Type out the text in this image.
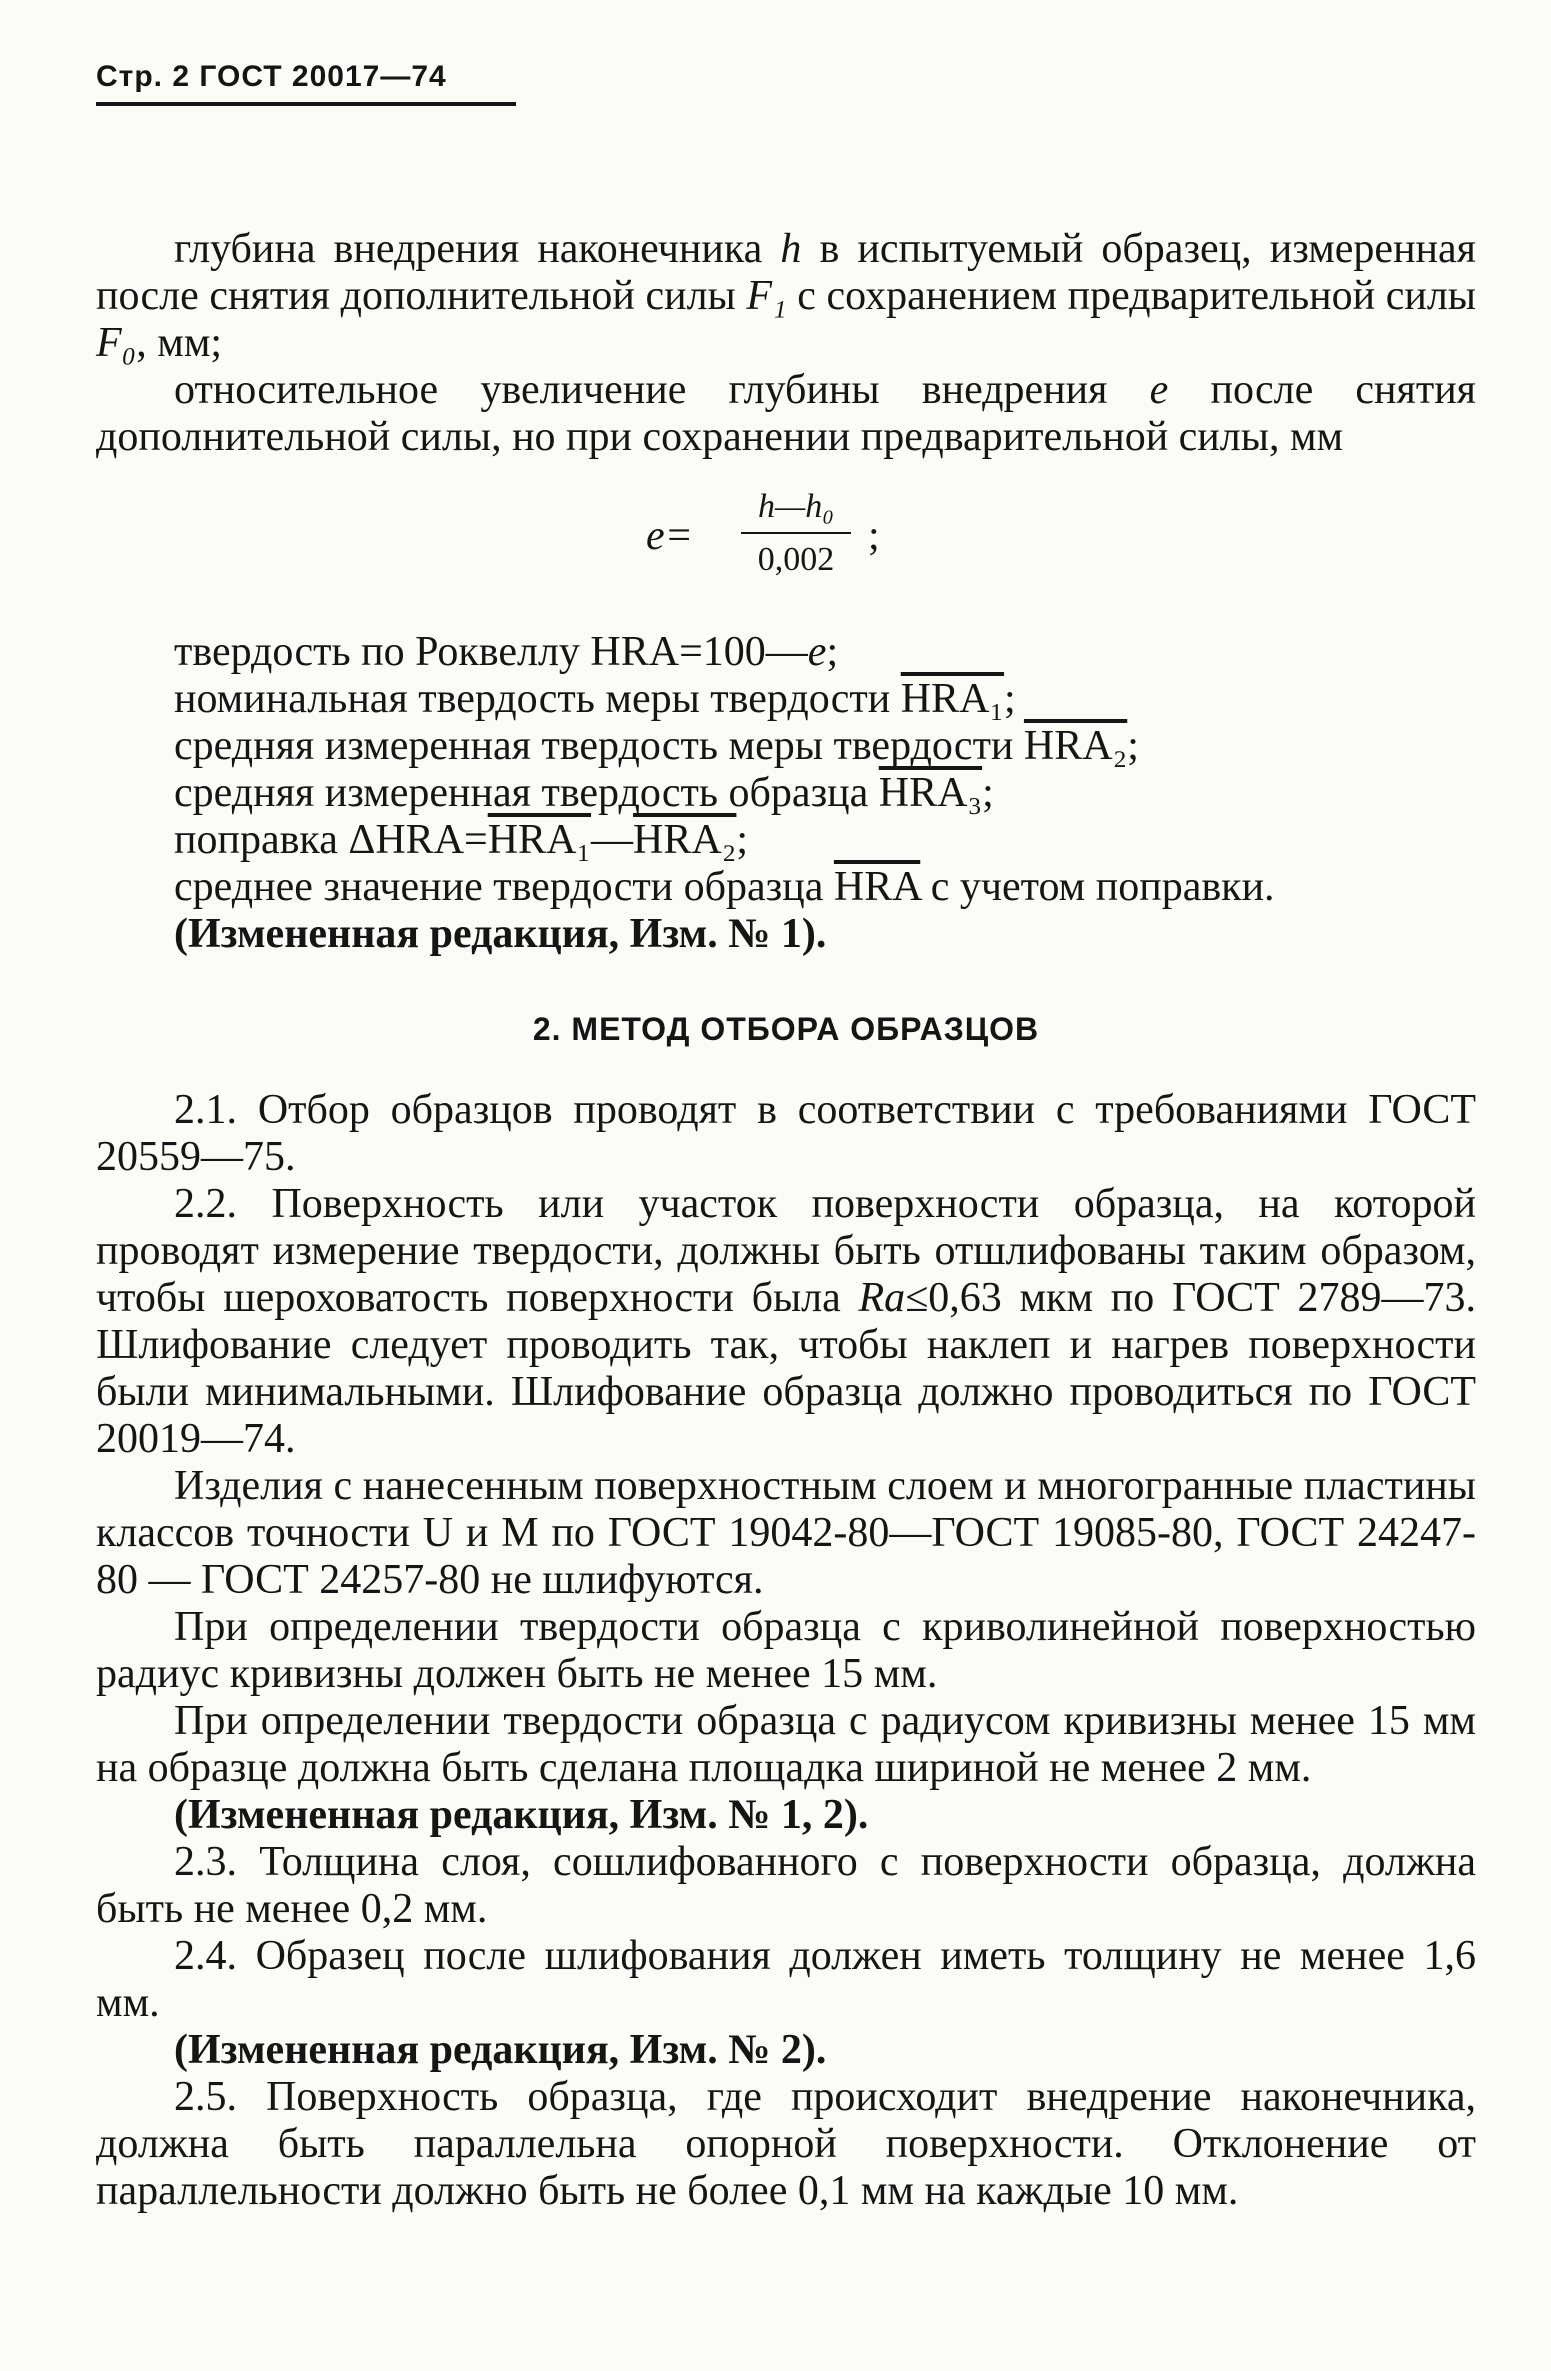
Стр. 2 ГОСТ 20017—74

глубина внедрения наконечника h в испытуемый образец, измеренная после снятия дополнительной силы F₁ с сохранением предварительной силы F₀, мм;

относительное увеличение глубины внедрения е после снятия дополнительной силы, но при сохранении предварительной силы, мм

$e= \frac{\text{h—h₀}}{0,002}$ ;

твердость по Роквеллу HRA=100—e;

номинальная твердость меры твердости HRA₁;

средняя измеренная твердость меры твердости HRA₂;

средняя измеренная твердость образца HRA₃;

поправка ΔHRA=HRA₁—HRA₂;

среднее значение твердости образца $\overline{HRA}$ с учетом поправки.

(Измененная редакция, Изм. № 1).

2. МЕТОД ОТБОРА ОБРАЗЦОВ

2.1. Отбор образцов проводят в соответствии с требованиями ГОСТ 20559—75.

2.2. Поверхность или участок поверхности образца, на которой проводят измерение твердости, должны быть отшлифованы таким образом, чтобы шероховатость поверхности была Ra≤0,63 мкм по ГОСТ 2789—73. Шлифование следует проводить так, чтобы наклеп и нагрев поверхности были минимальными. Шлифование образца должно проводиться по ГОСТ 20019—74.

Изделия с нанесенным поверхностным слоем и многогранные пластины классов точности U и M по ГОСТ 19042-80—ГОСТ 19085-80, ГОСТ 24247-80 — ГОСТ 24257-80 не шлифуются.

При определении твердости образца с криволинейной поверхностью радиус кривизны должен быть не менее 15 мм.

При определении твердости образца с радиусом кривизны менее 15 мм на образце должна быть сделана площадка шириной не менее 2 мм.

(Измененная редакция, Изм. № 1, 2).

2.3. Толщина слоя, сошлифованного с поверхности образца, должна быть не менее 0,2 мм.

2.4. Образец после шлифования должен иметь толщину не менее 1,6 мм.

(Измененная редакция, Изм. № 2).

2.5. Поверхность образца, где происходит внедрение наконечника, должна быть параллельна опорной поверхности. Отклонение от параллельности должно быть не более 0,1 мм на каждые 10 мм.
